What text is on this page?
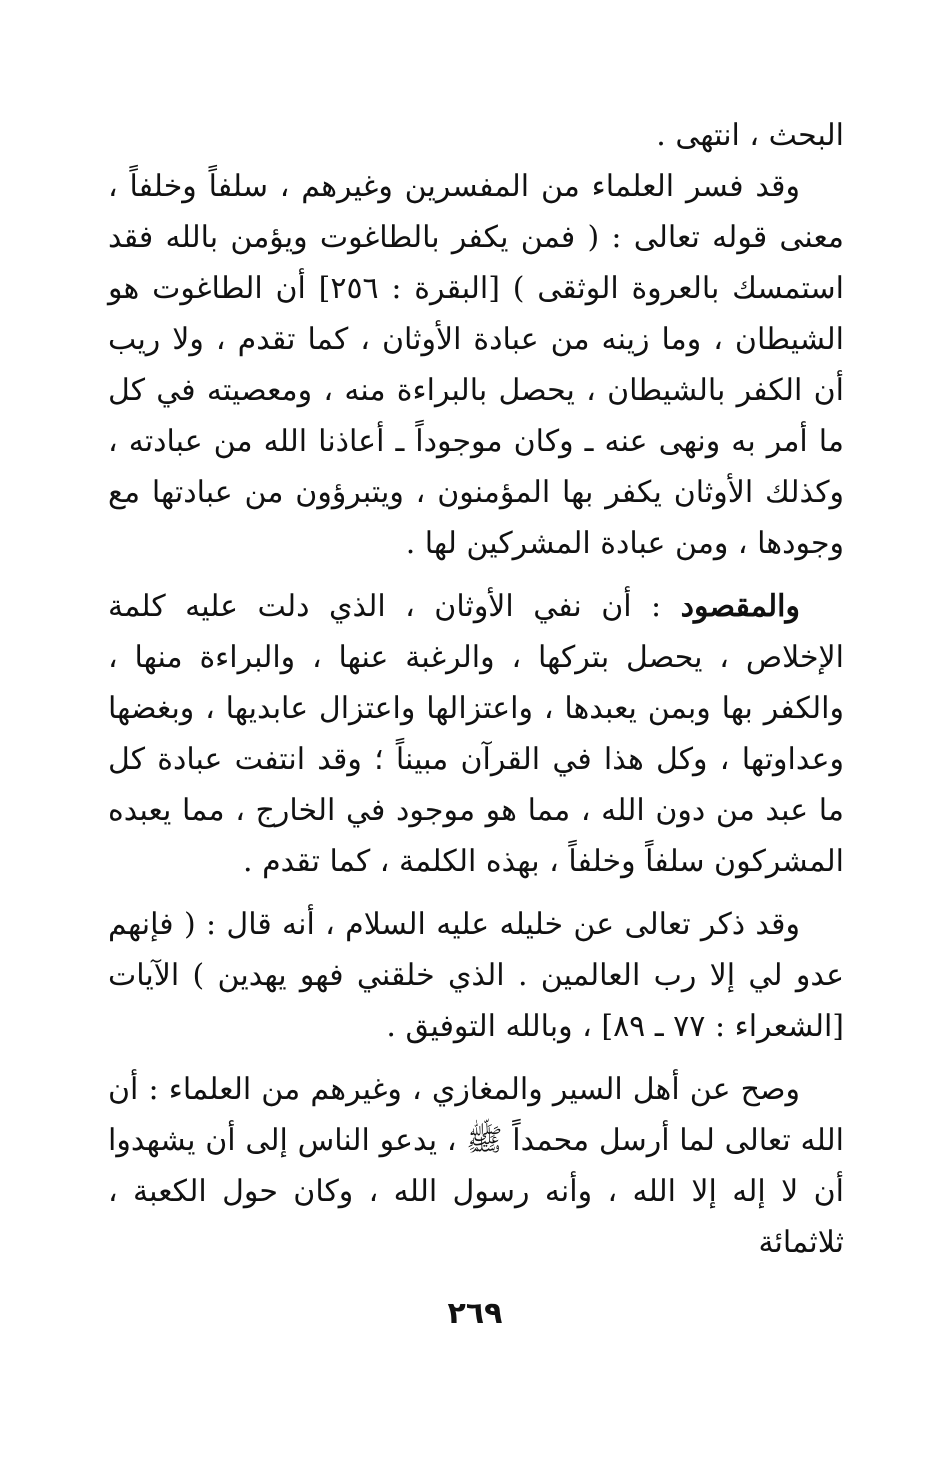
البحث ، انتهى .

وقد فسر العلماء من المفسرين وغيرهم ، سلفاً وخلفاً ، معنى قوله تعالى : ( فمن يكفر بالطاغوت ويؤمن بالله فقد استمسك بالعروة الوثقى ) [البقرة : ٢٥٦] أن الطاغوت هو الشيطان ، وما زينه من عبادة الأوثان ، كما تقدم ، ولا ريب أن الكفر بالشيطان ، يحصل بالبراءة منه ، ومعصيته في كل ما أمر به ونهى عنه ـ وكان موجوداً ـ أعاذنا الله من عبادته ، وكذلك الأوثان يكفر بها المؤمنون ، ويتبرؤون من عبادتها مع وجودها ، ومن عبادة المشركين لها .

والمقصود : أن نفي الأوثان ، الذي دلت عليه كلمة الإخلاص ، يحصل بتركها ، والرغبة عنها ، والبراءة منها ، والكفر بها وبمن يعبدها ، واعتزالها واعتزال عابديها ، وبغضها وعداوتها ، وكل هذا في القرآن مبيناً ؛ وقد انتفت عبادة كل ما عبد من دون الله ، مما هو موجود في الخارج ، مما يعبده المشركون سلفاً وخلفاً ، بهذه الكلمة ، كما تقدم .

وقد ذكر تعالى عن خليله عليه السلام ، أنه قال : ( فإنهم عدو لي إلا رب العالمين . الذي خلقني فهو يهدين ) الآيات [الشعراء : ٧٧ ـ ٨٩] ، وبالله التوفيق .

وصح عن أهل السير والمغازي ، وغيرهم من العلماء : أن الله تعالى لما أرسل محمداً ﷺ ، يدعو الناس إلى أن يشهدوا أن لا إله إلا الله ، وأنه رسول الله ، وكان حول الكعبة ، ثلاثمائة

٢٦٩
